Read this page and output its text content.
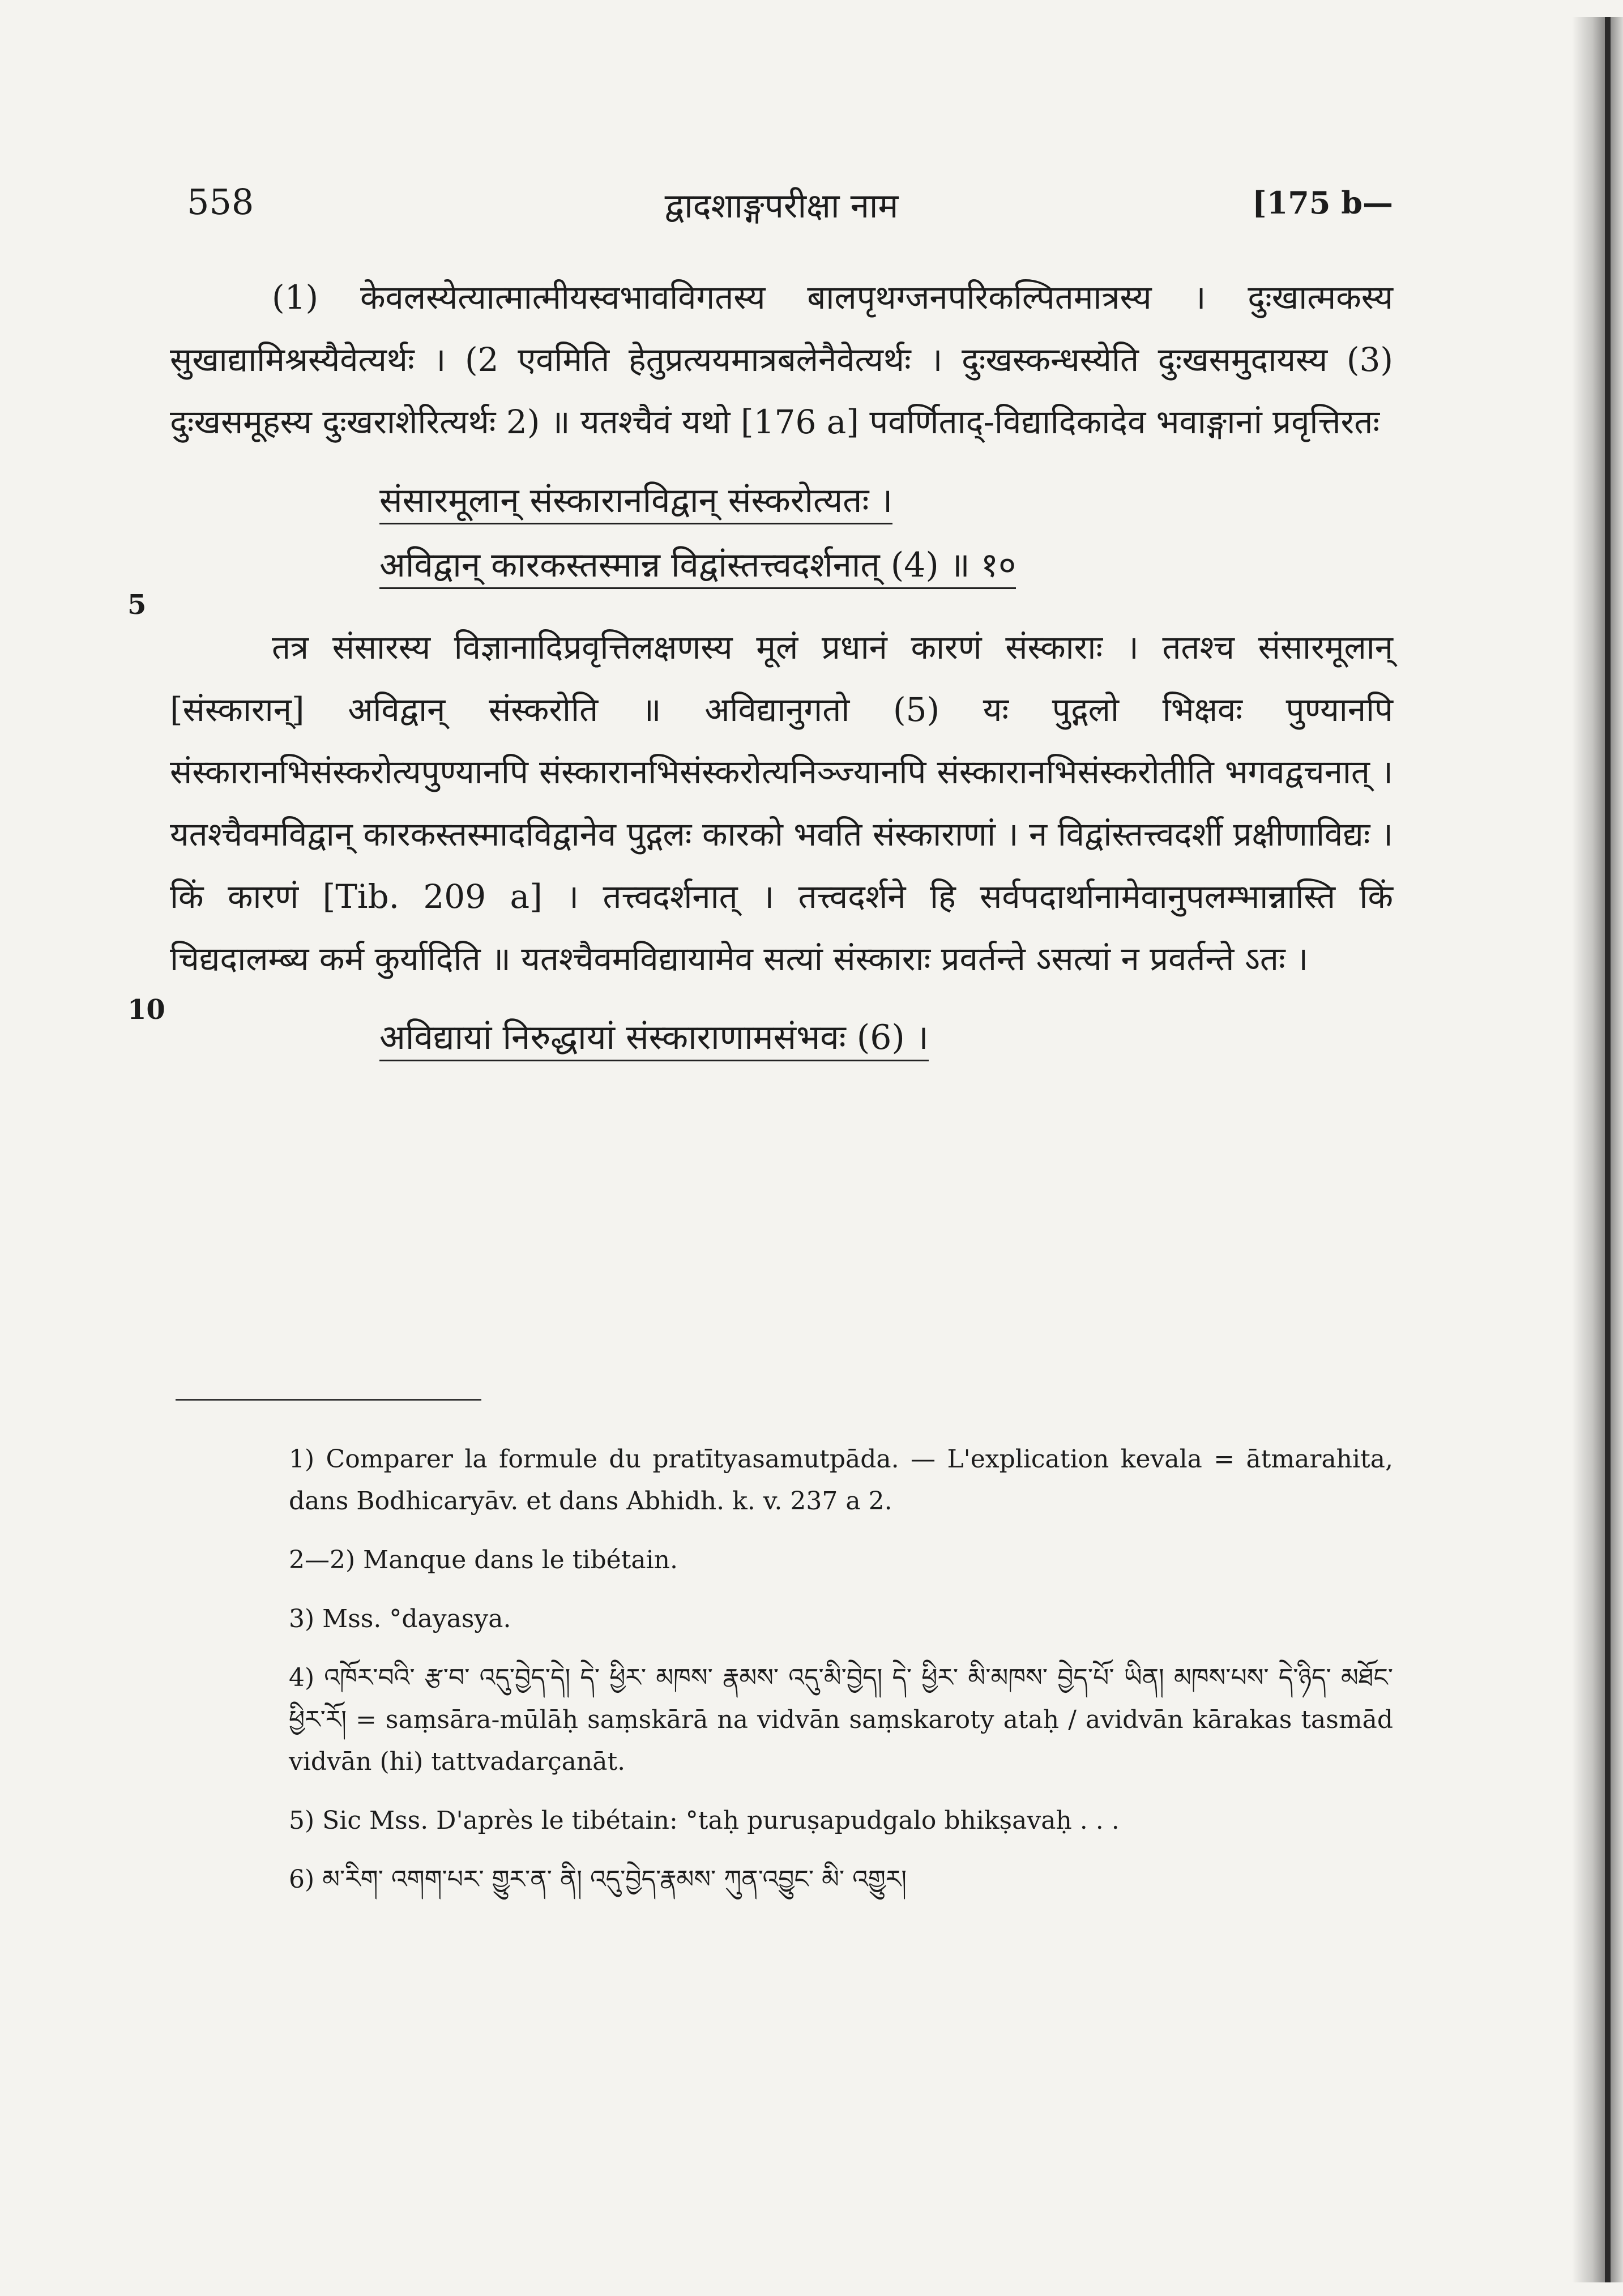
558	द्वादशाङ्गपरीक्षा नाम	[175 b—

(1) केवलस्येत्यात्मात्मीयस्वभावविगतस्य बालपृथग्जनपरिकल्पितमात्रस्य । दुःखात्मकस्य सुखाद्यामिश्रस्यैवेत्यर्थः । (2 एवमिति हेतुप्रत्ययमात्रबलेनैवेत्यर्थः । दुःखस्कन्धस्येति दुःखसमुदायस्य (3) दुःखसमूहस्य दुःखराशेरित्यर्थः 2) ॥ यतश्चैवं यथो [176 a] पवर्णिताद्-विद्यादिकादेव भवाङ्गानां प्रवृत्तिरतः

संसारमूलान् संस्कारानविद्वान् संस्करोत्यतः ।
अविद्वान् कारकस्तस्मान्न विद्वांस्तत्त्वदर्शनात् (4) ॥ १०

तत्र संसारस्य विज्ञानादिप्रवृत्तिलक्षणस्य मूलं प्रधानं कारणं संस्काराः । ततश्च संसारमूलान् [संस्कारान्] अविद्वान् संस्करोति ॥ अविद्यानुगतो (5) यः पुद्गलो भिक्षवः पुण्यानपि संस्कारानभिसंस्करोत्यपुण्यानपि संस्कारानभिसंस्करोत्यनिञ्ज्यानपि संस्कारानभिसंस्करोतीति भगवद्वचनात् । यतश्चैवमविद्वान् कारकस्तस्मादविद्वानेव पुद्गलः कारको भवति संस्काराणां । न विद्वांस्तत्त्वदर्शी प्रक्षीणाविद्यः । किं कारणं [Tib. 209 a] । तत्त्वदर्शनात् । तत्त्वदर्शने हि सर्वपदार्थानामेवानुपलम्भान्नास्ति किं चिद्यदालम्ब्य कर्म कुर्यादिति ॥ यतश्चैवमविद्यायामेव सत्यां संस्काराः प्रवर्तन्ते ऽसत्यां न प्रवर्तन्ते ऽतः ।

अविद्यायां निरुद्धायां संस्काराणामसंभवः (6) ।
5
10

1) Comparer la formule du pratītyasamutpāda. — L'explication kevala = ātmarahita, dans Bodhicaryāv. et dans Abhidh. k. v. 237 a 2.

2—2) Manque dans le tibétain.

3) Mss. °dayasya.

4) འཁོར་བའི་ རྩ་བ་ འདུ་བྱེད་དེ། དེ་ ཕྱིར་ མཁས་ རྣམས་ འདུ་མི་བྱེད། དེ་ ཕྱིར་ མི་མཁས་ བྱེད་པོ་ ཡིན། མཁས་པས་ དེ་ཉིད་ མཐོང་ ཕྱིར་རོ། = saṃsāra-mūlāḥ saṃskārā na vidvān saṃskaroty ataḥ / avidvān kārakas tasmād vidvān (hi) tattvadarçanāt.

5) Sic Mss. D'après le tibétain: °taḥ puruṣapudgalo bhikṣavaḥ . . .

6) མ་རིག་ འགག་པར་ གྱུར་ན་ ནི། འདུ་བྱེད་རྣམས་ ཀུན་འབྱུང་ མི་ འགྱུར།
